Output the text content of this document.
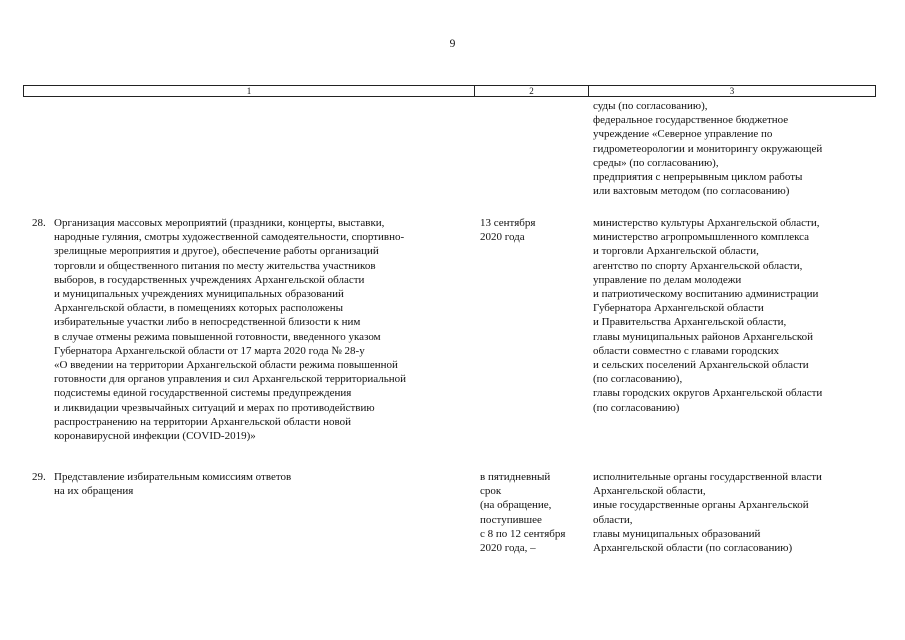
9
1	2	3
суды (по согласованию),
федеральное государственное бюджетное
учреждение «Северное управление по
гидрометеорологии и мониторингу окружающей
среды» (по согласованию),
предприятия с непрерывным циклом работы
или вахтовым методом (по согласованию)
28. Организация массовых мероприятий (праздники, концерты, выставки,
народные гуляния, смотры художественной самодеятельности, спортивно-
зрелищные мероприятия и другое), обеспечение работы организаций
торговли и общественного питания по месту жительства участников
выборов, в государственных учреждениях Архангельской области
и муниципальных учреждениях муниципальных образований
Архангельской области, в помещениях которых расположены
избирательные участки либо в непосредственной близости к ним
в случае отмены режима повышенной готовности, введенного указом
Губернатора Архангельской области от 17 марта 2020 года № 28-у
«О введении на территории Архангельской области режима повышенной
готовности для органов управления и сил Архангельской территориальной
подсистемы единой государственной системы предупреждения
и ликвидации чрезвычайных ситуаций и мерах по противодействию
распространению на территории Архангельской области новой
коронавирусной инфекции (COVID-2019)»
13 сентября
2020 года
министерство культуры Архангельской области,
министерство агропромышленного комплекса
и торговли Архангельской области,
агентство по спорту Архангельской области,
управление по делам молодежи
и патриотическому воспитанию администрации
Губернатора Архангельской области
и Правительства Архангельской области,
главы муниципальных районов Архангельской
области совместно с главами городских
и сельских поселений Архангельской области
(по согласованию),
главы городских округов Архангельской области
(по согласованию)
29. Представление избирательным комиссиям ответов
на их обращения
в пятидневный
срок
(на обращение,
поступившее
с 8 по 12 сентября
2020 года, –
исполнительные органы государственной власти
Архангельской области,
иные государственные органы Архангельской
области,
главы муниципальных образований
Архангельской области (по согласованию)
